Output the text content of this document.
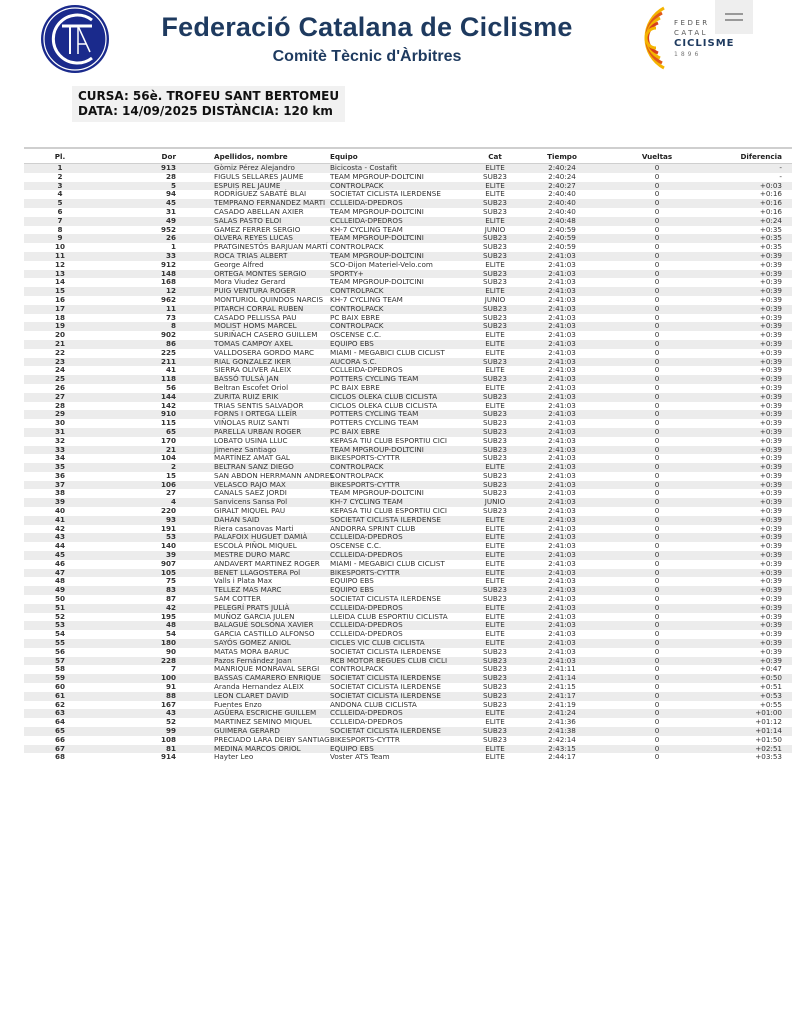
Federació Catalana de Ciclisme
Comitè Tècnic d'Àrbitres
FEDER
CATAL
CICLISME
1896
CURSA: 56è. TROFEU SANT BERTOMEU
DATA: 14/09/2025 DISTÀNCIA: 120 km
Pl.	Dor	Apellidos, nombre	Equipo	Cat	Tiempo	Vueltas	Diferencia
1	913	Gòmiz Pérez Alejandro	Bicicosta - Costafit	ELITE	2:40:24	0	-
2	28	FIGULS SELLARES JAUME	TEAM MPGROUP-DOLTCINI	SUB23	2:40:24	0	-
3	5	ESPUIS REL JAUME	CONTROLPACK	ELITE	2:40:27	0	+0:03
4	94	RODRÍGUEZ SABATÉ BLAI	SOCIETAT CICLISTA ILERDENSE	ELITE	2:40:40	0	+0:16
5	45	TEMPRANO FERNANDEZ MARTI	CCLLEIDA-DPEDROS	SUB23	2:40:40	0	+0:16
6	31	CASADO ABELLAN AXIER	TEAM MPGROUP-DOLTCINI	SUB23	2:40:40	0	+0:16
7	49	SALAS PASTO ELOI	CCLLEIDA-DPEDROS	ELITE	2:40:48	0	+0:24
8	952	GAMEZ FERRER SERGIO	KH-7 CYCLING TEAM	JUNIO	2:40:59	0	+0:35
9	26	OLVERA REYES LUCAS	TEAM MPGROUP-DOLTCINI	SUB23	2:40:59	0	+0:35
10	1	PRATGINESTÓS BARJUAN MARTÍ	CONTROLPACK	SUB23	2:40:59	0	+0:35
11	33	ROCA TRIAS ALBERT	TEAM MPGROUP-DOLTCINI	SUB23	2:41:03	0	+0:39
12	912	George Alfred	SCO-Dijon Materiel-Velo.com	ELITE	2:41:03	0	+0:39
13	148	ORTEGA MONTES SERGIO	SPORTY+	SUB23	2:41:03	0	+0:39
14	168	Mora Viudez Gerard	TEAM MPGROUP-DOLTCINI	SUB23	2:41:03	0	+0:39
15	12	PUIG VENTURA ROGER	CONTROLPACK	ELITE	2:41:03	0	+0:39
16	962	MONTURIOL QUINDOS NARCIS	KH-7 CYCLING TEAM	JUNIO	2:41:03	0	+0:39
17	11	PITARCH CORRAL RUBEN	CONTROLPACK	SUB23	2:41:03	0	+0:39
18	73	CASADO PELLISSA PAU	PC BAIX EBRE	SUB23	2:41:03	0	+0:39
19	8	MOLIST HOMS MARCEL	CONTROLPACK	SUB23	2:41:03	0	+0:39
20	902	SURIÑACH CASERO GUILLEM	OSCENSE C.C.	ELITE	2:41:03	0	+0:39
21	86	TOMAS CAMPOY AXEL	EQUIPO EBS	ELITE	2:41:03	0	+0:39
22	225	VALLDOSERA GORDO MARC	MIAMI - MEGABICI CLUB CICLIST	ELITE	2:41:03	0	+0:39
23	211	RIAL GONZALEZ IKER	AUCORA S.C.	SUB23	2:41:03	0	+0:39
24	41	SIERRA OLIVER ALEIX	CCLLEIDA-DPEDROS	ELITE	2:41:03	0	+0:39
25	118	BASSÓ TULSÀ JAN	POTTERS CYCLING TEAM	SUB23	2:41:03	0	+0:39
26	56	Beltran Escofet Oriol	PC BAIX EBRE	ELITE	2:41:03	0	+0:39
27	144	ZURITA RUIZ ERIK	CICLOS OLEKA CLUB CICLISTA	SUB23	2:41:03	0	+0:39
28	142	TRIAS SENTIS SALVADOR	CICLOS OLEKA CLUB CICLISTA	ELITE	2:41:03	0	+0:39
29	910	FORNS I ORTEGA LLEÏR	POTTERS CYCLING TEAM	SUB23	2:41:03	0	+0:39
30	115	VIÑOLAS RUIZ SANTI	POTTERS CYCLING TEAM	SUB23	2:41:03	0	+0:39
31	65	PARELLA URBAN ROGER	PC BAIX EBRE	SUB23	2:41:03	0	+0:39
32	170	LOBATO USINA LLUC	KEPASA TIU CLUB ESPORTIU CICI	SUB23	2:41:03	0	+0:39
33	21	Jimenez Santiago	TEAM MPGROUP-DOLTCINI	SUB23	2:41:03	0	+0:39
34	104	MARTÍNEZ AMAT GAL	BIKESPORTS-CYTTR	SUB23	2:41:03	0	+0:39
35	2	BELTRAN SANZ DIEGO	CONTROLPACK	ELITE	2:41:03	0	+0:39
36	15	SAN ABDON HERRMANN ANDRES	CONTROLPACK	SUB23	2:41:03	0	+0:39
37	106	VELASCO RAJO MAX	BIKESPORTS-CYTTR	SUB23	2:41:03	0	+0:39
38	27	CANALS SAEZ JORDI	TEAM MPGROUP-DOLTCINI	SUB23	2:41:03	0	+0:39
39	4	Sanvicens Sansa Pol	KH-7 CYCLING TEAM	JUNIO	2:41:03	0	+0:39
40	220	GIRALT MIQUEL PAU	KEPASA TIU CLUB ESPORTIU CICI	SUB23	2:41:03	0	+0:39
41	93	DAHAN SAID	SOCIETAT CICLISTA ILERDENSE	ELITE	2:41:03	0	+0:39
42	191	Riera casanovas Marti	ANDORRA SPRINT CLUB	ELITE	2:41:03	0	+0:39
43	53	PALAFOIX HUGUET DAMIÀ	CCLLEIDA-DPEDROS	ELITE	2:41:03	0	+0:39
44	140	ESCOLÀ PIÑOL MIQUEL	OSCENSE C.C.	ELITE	2:41:03	0	+0:39
45	39	MESTRE DURO MARC	CCLLEIDA-DPEDROS	ELITE	2:41:03	0	+0:39
46	907	ANDAVERT MARTINEZ ROGER	MIAMI - MEGABICI CLUB CICLIST	ELITE	2:41:03	0	+0:39
47	105	BENET LLAGOSTERA Pol	BIKESPORTS-CYTTR	ELITE	2:41:03	0	+0:39
48	75	Valls i Plata Max	EQUIPO EBS	ELITE	2:41:03	0	+0:39
49	83	TELLEZ MAS MARC	EQUIPO EBS	SUB23	2:41:03	0	+0:39
50	87	SAM COTTER	SOCIETAT CICLISTA ILERDENSE	SUB23	2:41:03	0	+0:39
51	42	PELEGRÍ PRATS JULIÀ	CCLLEIDA-DPEDROS	ELITE	2:41:03	0	+0:39
52	195	MUÑOZ GARCIA JULEN	LLEIDA CLUB ESPORTIU CICLISTA	ELITE	2:41:03	0	+0:39
53	48	BALAGUÉ SOLSONA XAVIER	CCLLEIDA-DPEDROS	ELITE	2:41:03	0	+0:39
54	54	GARCIA CASTILLO ALFONSO	CCLLEIDA-DPEDROS	ELITE	2:41:03	0	+0:39
55	180	SAYÓS GOMEZ ANIOL	CICLES VIC CLUB CICLISTA	ELITE	2:41:03	0	+0:39
56	90	MATAS MORA BARUC	SOCIETAT CICLISTA ILERDENSE	SUB23	2:41:03	0	+0:39
57	228	Pazos Fernández Joan	RCB MOTOR BEGUES CLUB CICLI	SUB23	2:41:03	0	+0:39
58	7	MANRIQUE MONRAVAL SERGI	CONTROLPACK	SUB23	2:41:11	0	+0:47
59	100	BASSAS CAMARERO ENRIQUE	SOCIETAT CICLISTA ILERDENSE	SUB23	2:41:14	0	+0:50
60	91	Aranda Hernandez ALEIX	SOCIETAT CICLISTA ILERDENSE	SUB23	2:41:15	0	+0:51
61	88	LEON CLARET DAVID	SOCIETAT CICLISTA ILERDENSE	SUB23	2:41:17	0	+0:53
62	167	Fuentes Enzo	ANDONA CLUB CICLISTA	SUB23	2:41:19	0	+0:55
63	43	AGÜERA ESCRICHE GUILLEM	CCLLEIDA-DPEDROS	ELITE	2:41:24	0	+01:00
64	52	MARTINEZ SEMINO MIQUEL	CCLLEIDA-DPEDROS	ELITE	2:41:36	0	+01:12
65	99	GUIMERA GERARD	SOCIETAT CICLISTA ILERDENSE	SUB23	2:41:38	0	+01:14
66	108	PRECIADO LARA DEIBY SANTIAG	BIKESPORTS-CYTTR	SUB23	2:42:14	0	+01:50
67	81	MEDINA MARCOS ORIOL	EQUIPO EBS	ELITE	2:43:15	0	+02:51
68	914	Hayter Leo	Voster ATS Team	ELITE	2:44:17	0	+03:53
